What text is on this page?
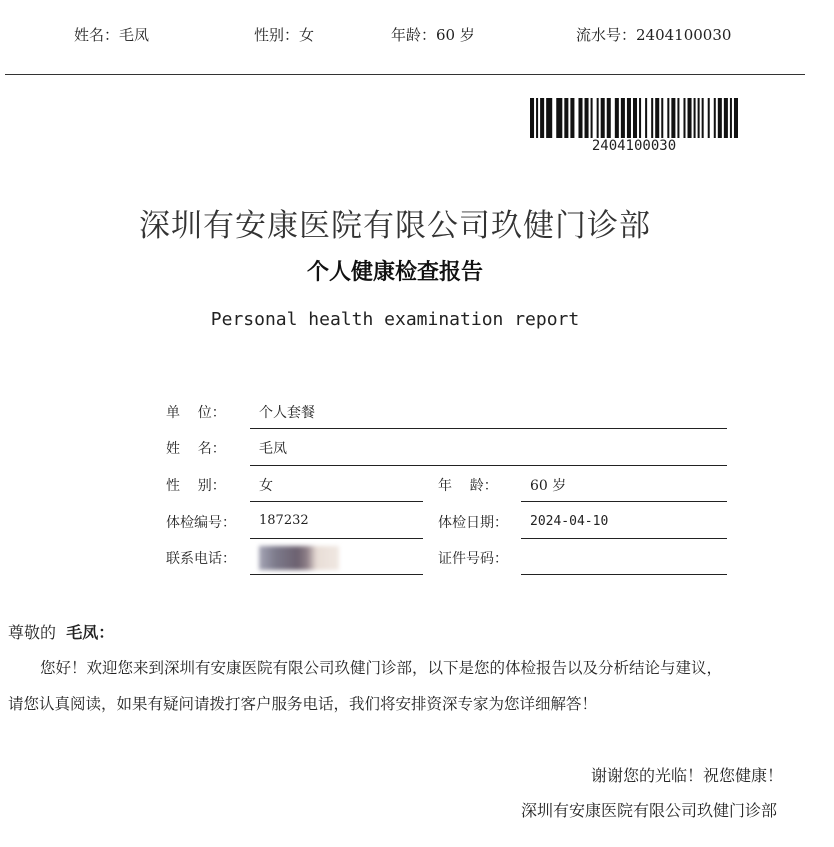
姓名：毛凤	性别：女	年龄：60 岁	流水号：2404100030
2404100030
深圳有安康医院有限公司玖健门诊部
个人健康检查报告
Personal health examination report
单    位： 个人套餐
姓    名： 毛凤
性    别： 女	年    龄： 60 岁
体检编号： 187232	体检日期： 2024-04-10
联系电话：	证件号码：
尊敬的 毛凤：
您好！欢迎您来到深圳有安康医院有限公司玖健门诊部，以下是您的体检报告以及分析结论与建议，
请您认真阅读，如果有疑问请拨打客户服务电话，我们将安排资深专家为您详细解答！
谢谢您的光临！祝您健康！
深圳有安康医院有限公司玖健门诊部
